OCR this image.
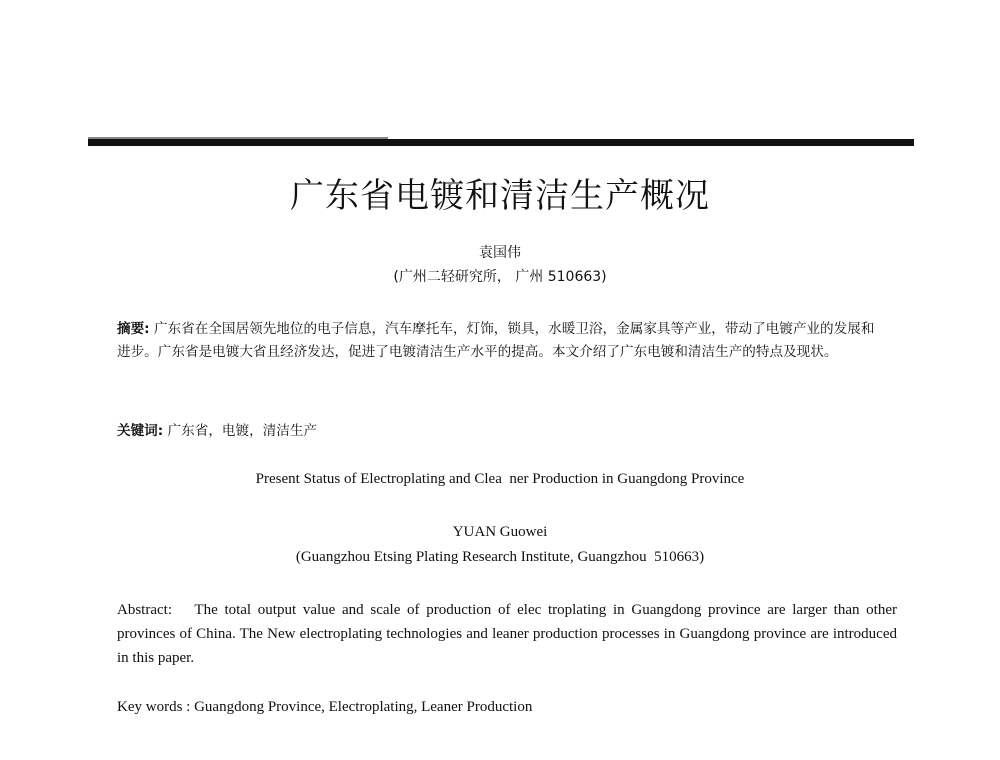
广东省电镀和清洁生产概况
袁国伟
(广州二轻研究所， 广州 510663)
摘要: 广东省在全国居领先地位的电子信息，汽车摩托车，灯饰，锁具，水暖卫浴，金属家具等产业，带动了电镀产业的发展和进步。广东省是电镀大省且经济发达，促进了电镀清洁生产水平的提高。本文介绍了广东电镀和清洁生产的特点及现状。
关键词: 广东省，电镀，清洁生产
Present Status of Electroplating and Clea  ner Production in Guangdong Province
YUAN Guowei
(Guangzhou Etsing Plating Research Institute, Guangzhou  510663)
Abstract: The total output value and scale of production of elec troplating in Guangdong province are larger than other provinces of China. The New electroplating technologies and leaner production processes in Guangdong province are introduced in this paper.
Key words : Guangdong Province, Electroplating, Leaner Production
